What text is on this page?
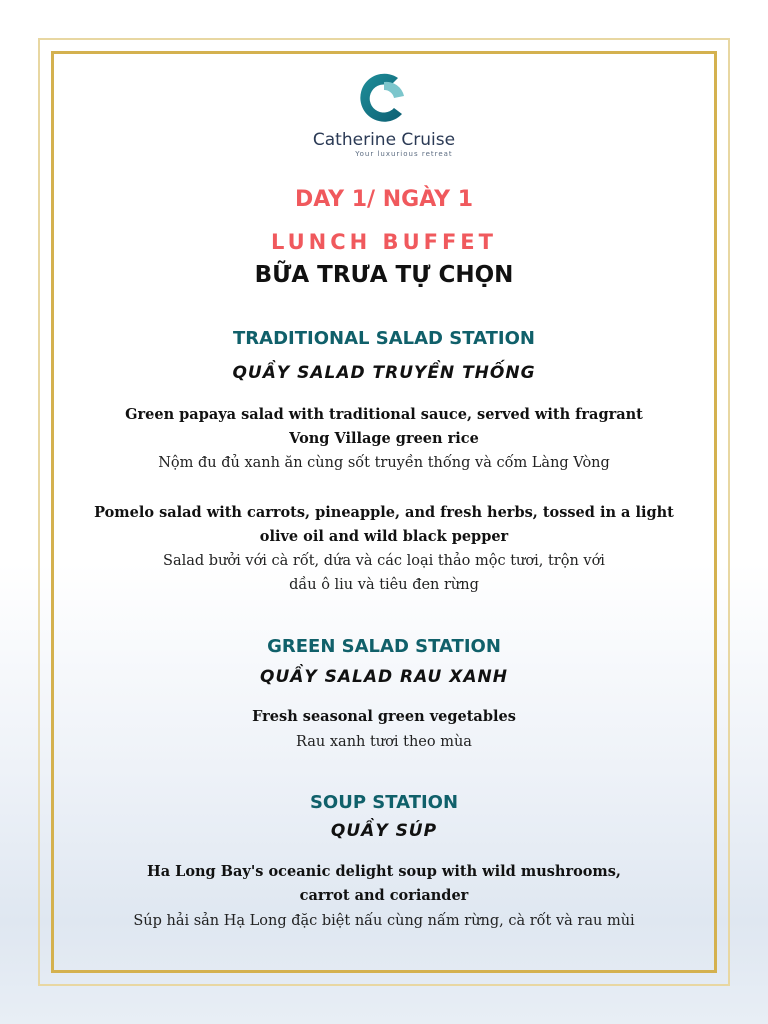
Catherine Cruise
Your luxurious retreat
DAY 1/ NGÀY 1
LUNCH BUFFET
BỮA TRƯA TỰ CHỌN
TRADITIONAL SALAD STATION
QUẦY SALAD TRUYỀN THỐNG
Green papaya salad with traditional sauce, served with fragrant
Vong Village green rice
Nộm đu đủ xanh ăn cùng sốt truyền thống và cốm Làng Vòng
Pomelo salad with carrots, pineapple, and fresh herbs, tossed in a light
olive oil and wild black pepper
Salad bưởi với cà rốt, dứa và các loại thảo mộc tươi, trộn với
dầu ô liu và tiêu đen rừng
GREEN SALAD STATION
QUẦY SALAD RAU XANH
Fresh seasonal green vegetables
Rau xanh tươi theo mùa
SOUP STATION
QUẦY SÚP
Ha Long Bay's oceanic delight soup with wild mushrooms,
carrot and coriander
Súp hải sản Hạ Long đặc biệt nấu cùng nấm rừng, cà rốt và rau mùi
